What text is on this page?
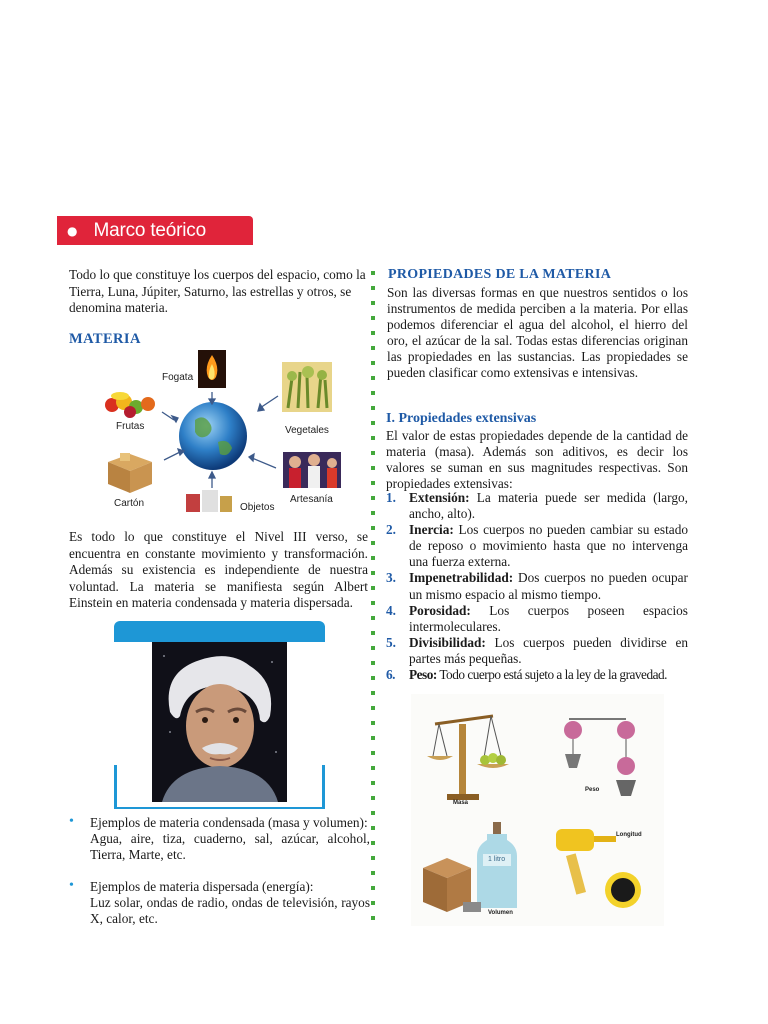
● Marco teórico
Todo lo que constituye los cuerpos del espacio, como la Tierra, Luna, Júpiter, Saturno, las estrellas y otros, se denomina materia.
MATERIA
Fogata
Frutas	Vegetales
Cartón	Objetos
Artesanía
Es todo lo que constituye el Nivel III verso, se encuentra en constante movimiento y transformación. Además su existencia es independiente de nuestra voluntad. La materia se manifiesta según Albert Einstein en materia condensada y materia dispersada.
• Ejemplos de materia condensada (masa y volumen):
Agua, aire, tiza, cuaderno, sal, azúcar, alcohol, Tierra, Marte, etc.
• Ejemplos de materia dispersada (energía):
Luz solar, ondas de radio, ondas de televisión, rayos X, calor, etc.
PROPIEDADES DE LA MATERIA
Son las diversas formas en que nuestros sentidos o los instrumentos de medida perciben a la materia. Por ellas podemos diferenciar el agua del alcohol, el hierro del oro, el azúcar de la sal. Todas estas diferencias originan las propiedades en las sustancias. Las propiedades se pueden clasificar como extensivas e intensivas.
I. Propiedades extensivas
El valor de estas propiedades depende de la cantidad de materia (masa). Además son aditivos, es decir los valores se suman en sus magnitudes respectivas. Son propiedades extensivas:
1. Extensión: La materia puede ser medida (largo, ancho, alto).
2. Inercia: Los cuerpos no pueden cambiar su estado de reposo o movimiento hasta que no intervenga una fuerza externa.
3. Impenetrabilidad: Dos cuerpos no pueden ocupar un mismo espacio al mismo tiempo.
4. Porosidad: Los cuerpos poseen espacios intermoleculares.
5. Divisibilidad: Los cuerpos pueden dividirse en partes más pequeñas.
6. Peso: Todo cuerpo está sujeto a la ley de la gravedad.
Masa
Peso
Longitud
Volumen
1 litro
